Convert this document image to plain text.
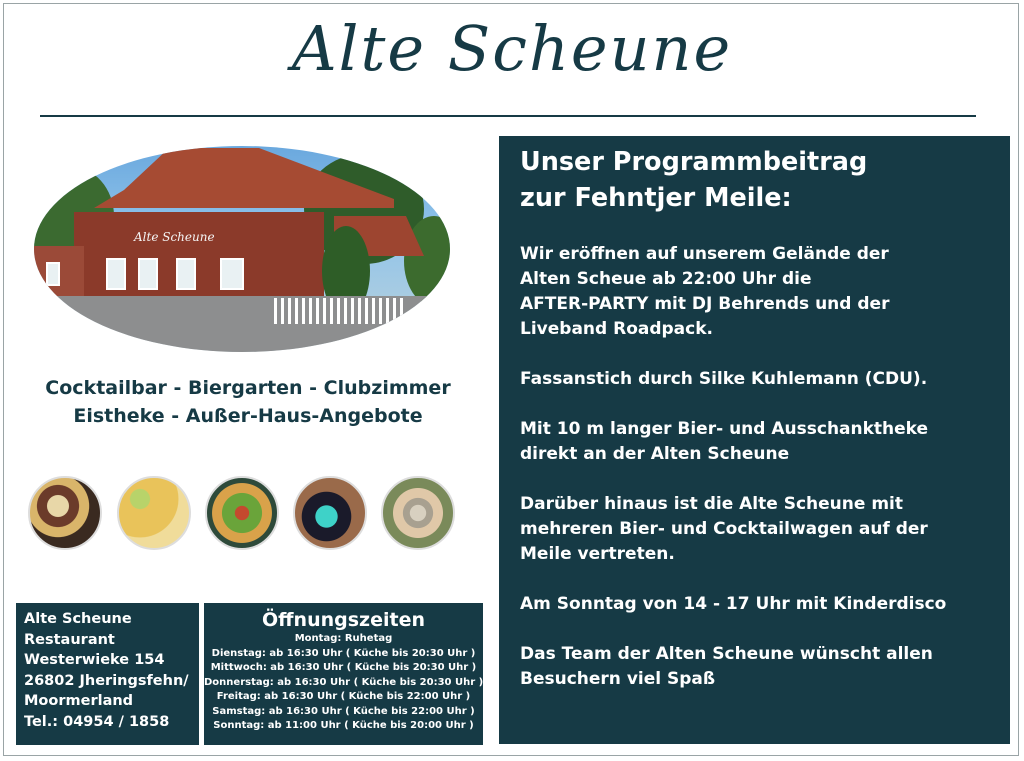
Alte Scheune
Alte Scheune
Cocktailbar - Biergarten - Clubzimmer
Eistheke - Außer-Haus-Angebote
Alte Scheune
Restaurant
Westerwieke 154
26802 Jheringsfehn/
Moormerland
Tel.: 04954 / 1858
Öffnungszeiten
Montag: Ruhetag
Dienstag: ab 16:30 Uhr ( Küche bis 20:30 Uhr )
Mittwoch: ab 16:30 Uhr ( Küche bis 20:30 Uhr )
Donnerstag: ab 16:30 Uhr ( Küche bis 20:30 Uhr )
Freitag: ab 16:30 Uhr ( Küche bis 22:00 Uhr )
Samstag: ab 16:30 Uhr ( Küche bis 22:00 Uhr )
Sonntag: ab 11:00 Uhr ( Küche bis 20:00 Uhr )
Unser Programmbeitrag
zur Fehntjer Meile:
Wir eröffnen auf unserem Gelände der
Alten Scheue ab 22:00 Uhr die
AFTER-PARTY mit DJ Behrends und der
Liveband Roadpack.
Fassanstich durch Silke Kuhlemann (CDU).
Mit 10 m langer Bier- und Ausschanktheke
direkt an der Alten Scheune
Darüber hinaus ist die Alte Scheune mit
mehreren Bier- und Cocktailwagen auf der
Meile vertreten.
Am Sonntag von 14 - 17 Uhr mit Kinderdisco
Das Team der Alten Scheune wünscht allen
Besuchern viel Spaß
